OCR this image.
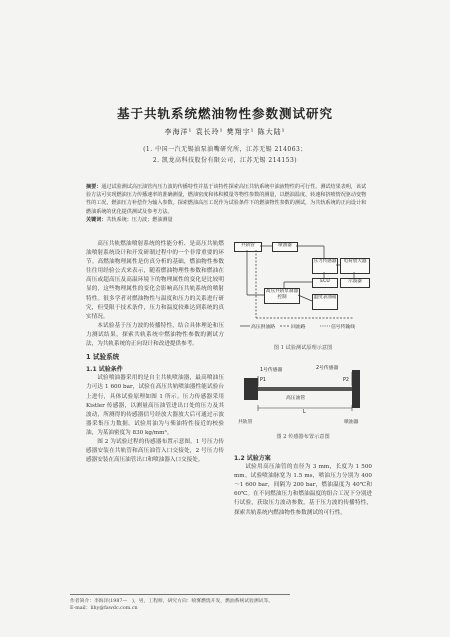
基于共轨系统燃油物性参数测试研究
李海洋¹ 袁长玲¹ 樊翔宇¹ 陈大陆¹
(1. 中国一汽无锡油泵油嘴研究所，江苏无锡 214063；
2. 凯龙高科技股份有限公司，江苏无锡 214153)
摘要：通过试验测试高压油管内压力波的传播特性并基于该特性探索高压共轨系统中油液物性的可行性。测试结果表明，该试验方法可实现燃油压力传播速率的准确测量，燃油密度和体积模量等物性参数的测量，以燃油温度、转速和挤喷情况驱动变物性的工况、燃油压力补偿作为输入参数。探索燃油高压工况作为试验条件下的燃油物性参数的测试，为共轨系统的正向设计和燃油系统的优化提供测试及参考方法。
关键词：共轨系统；压力波；燃油测量

高压共轨燃油喷射系统的性能分析、是高压共轨燃油喷射系统设计和开发研制过程中的一个非常重要的环节。高燃油物理属性是仿真分析的基础，燃油物性参数往往用经验公式来表示，随着燃油物理性参数和燃油在高压或超高压及高温环境下的物理属性的变化是比较明显的，这些物理属性的变化会影响高压共轨系统的喷射特性。很多学者对燃油物性与温度和压力的关系进行研究，但受限于技术条件，压力和温度较难达到系统的真实情况。

本试验基于压力波的传播特性，结合具体理论和压力测试结果，探索共轨系统中燃油物性参数的测试方法，为共轨系统的正向设计和改进提供参考。

1 试验系统
1.1 试验条件

试验喷油器采用的是自主共轨喷油器，最高喷油压力可达 1 600 bar，试验在高压共轨喷油器性能试验台上进行，具体试验原理如图 1 所示。压力传感器采用 Kistler 传感器，以测量高压油管进出口处的压力及其波动，所测得的传感器信号经放大器放大后可通过示波器采集压力数据。试验用油为与柴油特性接近的校验油，为某油密度为 830 kg/mm³。

图 2 为试验过程的传感器布置示意图。1 号压力传感器安装在共轨管和高压油管入口交接处，2 号压力传感器安装在高压油管出口和喷油器入口交接处。

共轨管	喷油器
压力传感器	电荷放大器
ECU	示波器
高压共轨泵制器控制	温度表油箱
高压供油路	回油路	信号传输线
图 1 试验测试原理示意图
1号传感器	2号传感器
P1	P2
高压油管
L
共轨管	喷油器
图 2 传感器布置示意图
1.2 试验方案

试验用高压油管的直径为 3 mm，长度为 1 500 mm。试验喷油脉宽为 1.5 ms，喷油压力分别为 400～1 600 bar，间隔为 200 bar，燃油温度为 40℃和 60℃。在不同燃油压力和燃油温度的组合工况下分别进行试验，获取压力波动参数，基于压力波的传播特性，探索共轨系统内燃油物性参数测试的可行性。

作者简介：李海洋(1987—　)，男，工程师，研究方向：喷雾燃烧开发，燃油系统试验测试等。
E-mail：lihy@fawdc.com.cn
